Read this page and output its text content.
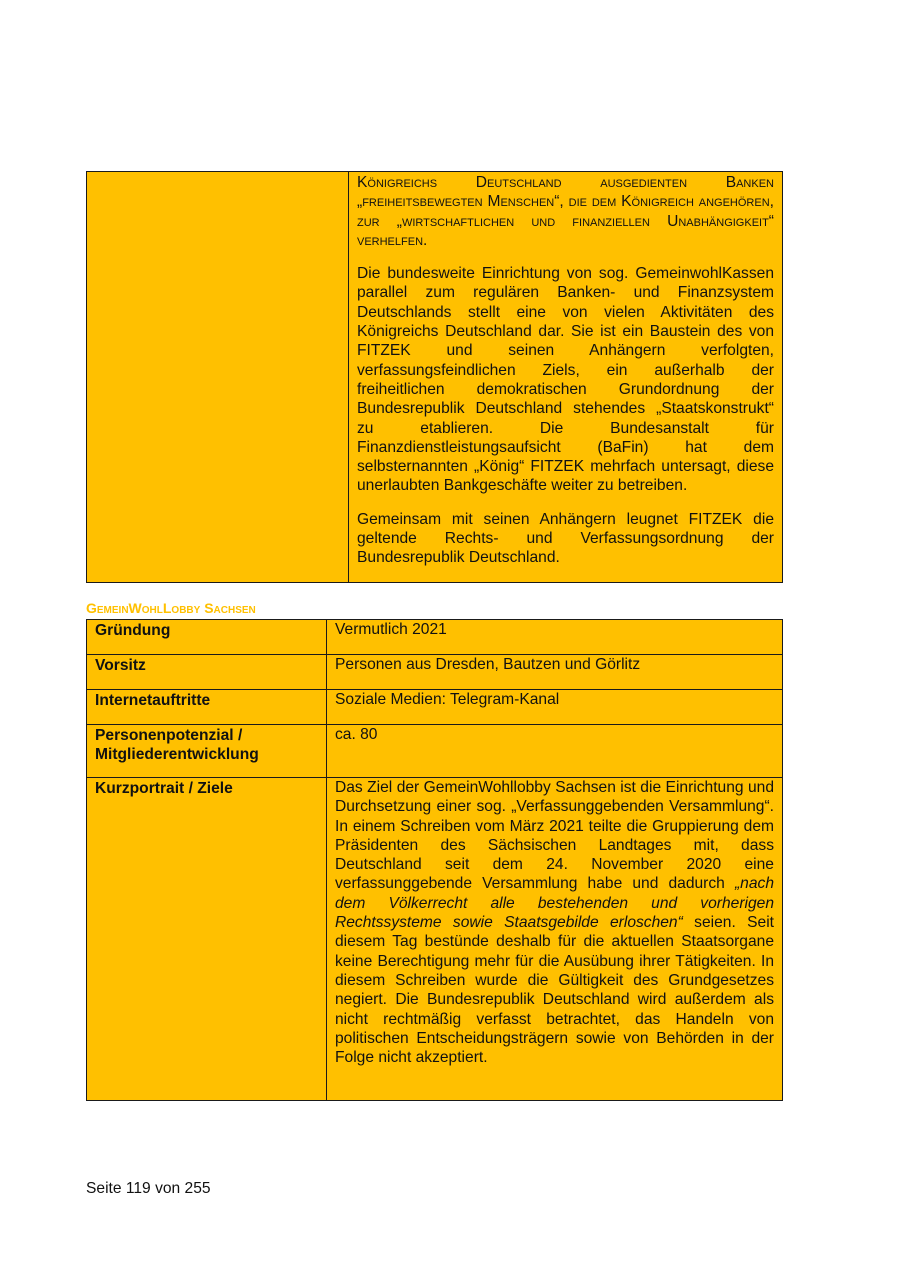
Königreichs Deutschland ausgedienten Banken „freiheitsbewegten Menschen“, die dem Königreich angehören, zur „wirtschaftlichen und finanziellen Unabhängigkeit“ verhelfen.

Die bundesweite Einrichtung von sog. GemeinwohlKassen parallel zum regulären Banken- und Finanzsystem Deutschlands stellt eine von vielen Aktivitäten des Königreichs Deutschland dar. Sie ist ein Baustein des von FITZEK und seinen Anhängern verfolgten, verfassungsfeindlichen Ziels, ein außerhalb der freiheitlichen demokratischen Grundordnung der Bundesrepublik Deutschland stehendes „Staatskonstrukt“ zu etablieren. Die Bundesanstalt für Finanzdienstleistungsaufsicht (BaFin) hat dem selbsternannten „König“ FITZEK mehrfach untersagt, diese unerlaubten Bankgeschäfte weiter zu betreiben.

Gemeinsam mit seinen Anhängern leugnet FITZEK die geltende Rechts- und Verfassungsordnung der Bundesrepublik Deutschland.

GemeinWohlLobby Sachsen
Gründung	Vermutlich 2021
Vorsitz	Personen aus Dresden, Bautzen und Görlitz
Internetauftritte	Soziale Medien: Telegram-Kanal
Personenpotenzial / Mitgliederentwicklung	ca. 80
Kurzportrait / Ziele	Das Ziel der GemeinWohllobby Sachsen ist die Einrichtung und Durchsetzung einer sog. „Verfassunggebenden Versammlung“. In einem Schreiben vom März 2021 teilte die Gruppierung dem Präsidenten des Sächsischen Landtages mit, dass Deutschland seit dem 24. November 2020 eine verfassunggebende Versammlung habe und dadurch „nach dem Völkerrecht alle bestehenden und vorherigen Rechtssysteme sowie Staatsgebilde erloschen“ seien. Seit diesem Tag bestünde deshalb für die aktuellen Staatsorgane keine Berechtigung mehr für die Ausübung ihrer Tätigkeiten. In diesem Schreiben wurde die Gültigkeit des Grundgesetzes negiert. Die Bundesrepublik Deutschland wird außerdem als nicht rechtmäßig verfasst betrachtet, das Handeln von politischen Entscheidungsträgern sowie von Behörden in der Folge nicht akzeptiert.

Seite 119 von 255
